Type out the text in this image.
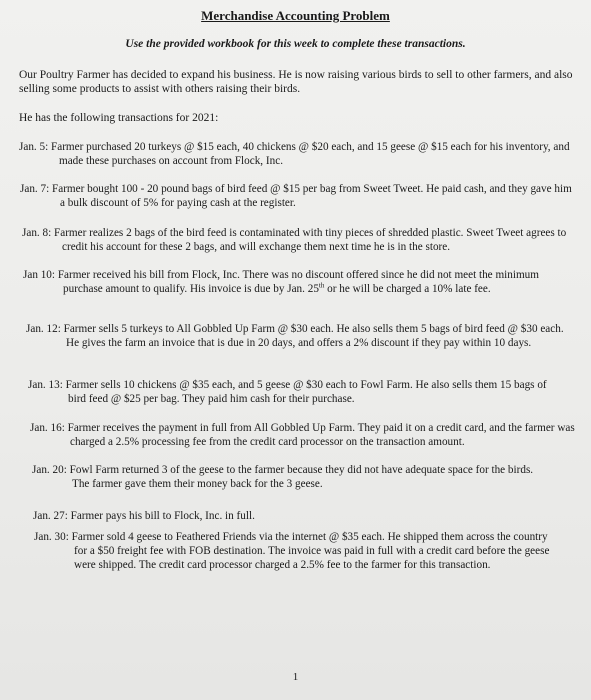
Merchandise Accounting Problem
Use the provided workbook for this week to complete these transactions.
Our Poultry Farmer has decided to expand his business. He is now raising various birds to sell to other farmers, and also selling some products to assist with others raising their birds.
He has the following transactions for 2021:
Jan. 5: Farmer purchased 20 turkeys @ $15 each, 40 chickens @ $20 each, and 15 geese @ $15 each for his inventory, and made these purchases on account from Flock, Inc.
Jan. 7: Farmer bought 100 - 20 pound bags of bird feed @ $15 per bag from Sweet Tweet. He paid cash, and they gave him a bulk discount of 5% for paying cash at the register.
Jan. 8: Farmer realizes 2 bags of the bird feed is contaminated with tiny pieces of shredded plastic. Sweet Tweet agrees to credit his account for these 2 bags, and will exchange them next time he is in the store.
Jan 10: Farmer received his bill from Flock, Inc. There was no discount offered since he did not meet the minimum purchase amount to qualify. His invoice is due by Jan. 25th or he will be charged a 10% late fee.
Jan. 12: Farmer sells 5 turkeys to All Gobbled Up Farm @ $30 each. He also sells them 5 bags of bird feed @ $30 each. He gives the farm an invoice that is due in 20 days, and offers a 2% discount if they pay within 10 days.
Jan. 13: Farmer sells 10 chickens @ $35 each, and 5 geese @ $30 each to Fowl Farm. He also sells them 15 bags of bird feed @ $25 per bag. They paid him cash for their purchase.
Jan. 16: Farmer receives the payment in full from All Gobbled Up Farm. They paid it on a credit card, and the farmer was charged a 2.5% processing fee from the credit card processor on the transaction amount.
Jan. 20: Fowl Farm returned 3 of the geese to the farmer because they did not have adequate space for the birds. The farmer gave them their money back for the 3 geese.
Jan. 27: Farmer pays his bill to Flock, Inc. in full.
Jan. 30: Farmer sold 4 geese to Feathered Friends via the internet @ $35 each. He shipped them across the country for a $50 freight fee with FOB destination. The invoice was paid in full with a credit card before the geese were shipped. The credit card processor charged a 2.5% fee to the farmer for this transaction.
1
